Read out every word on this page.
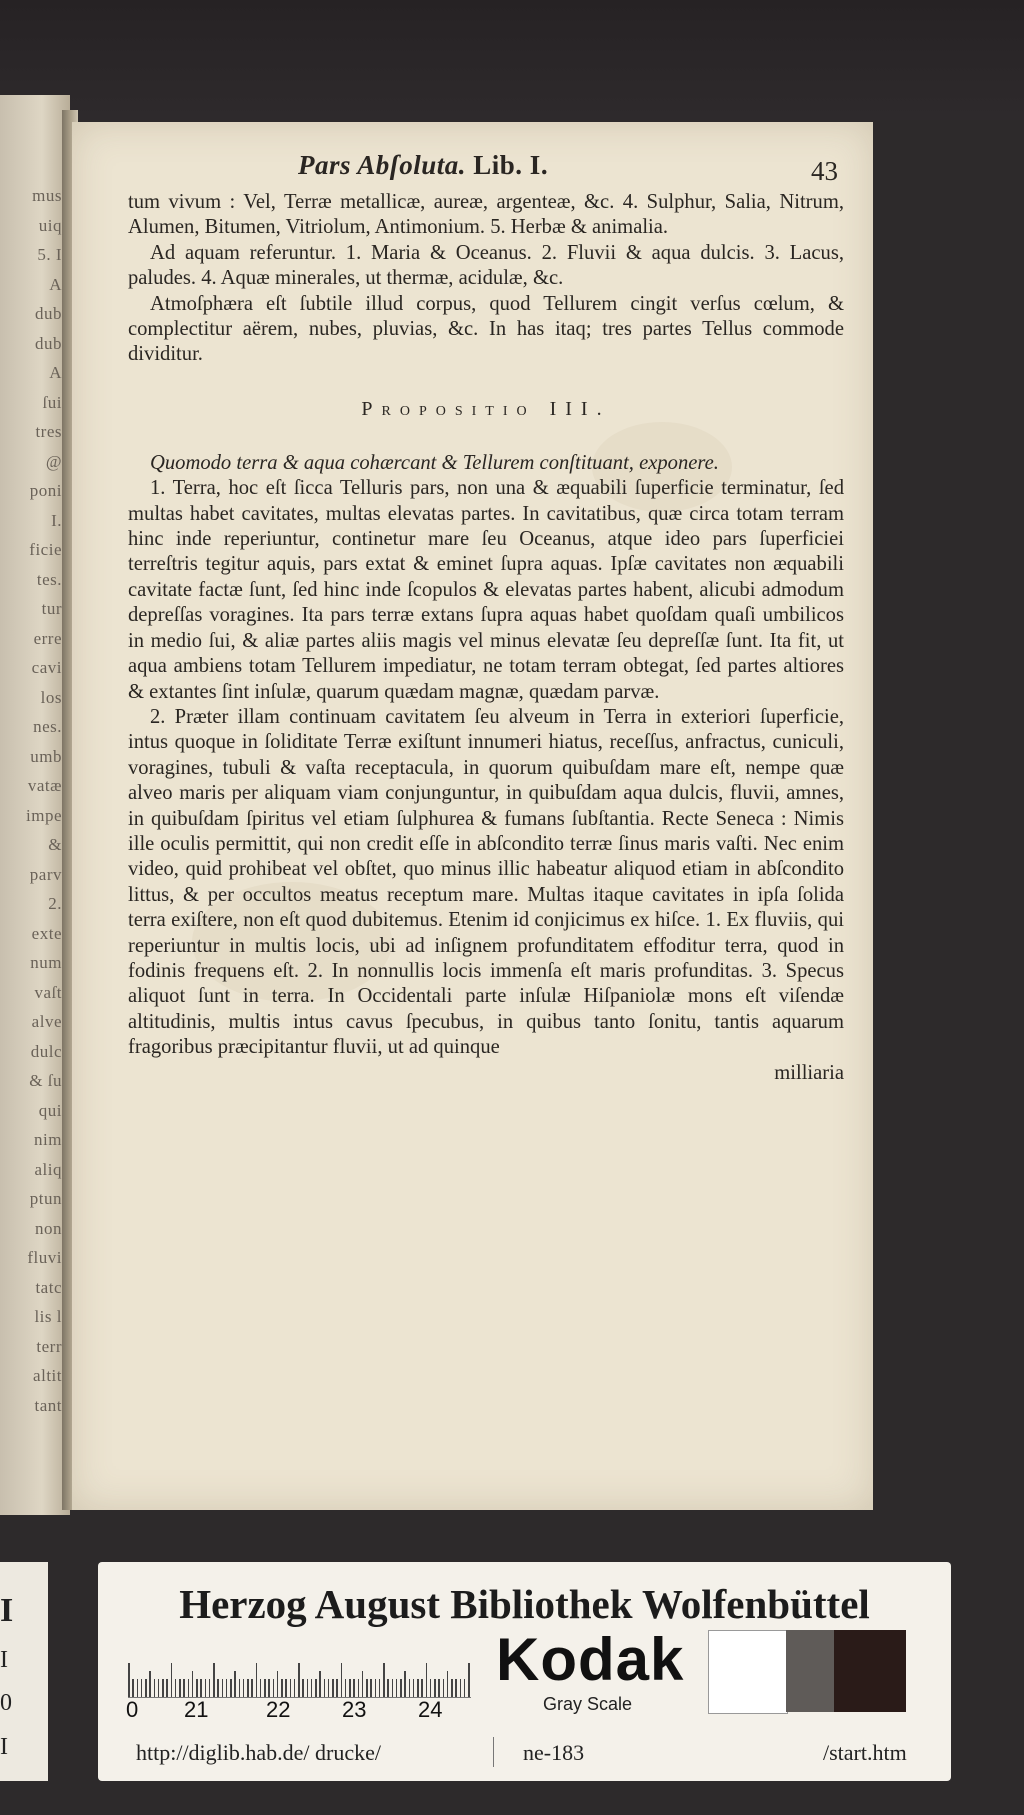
mus
uiq
5. I
A
dub
dub
A
ſui
tres
@
poni
I.
ficie
tes.
tur
erre
cavi
los
nes.
umb
vatæ
impe
&
parv
2.
exte
num
vaſt
alve
dulc
& ſu
qui
nim
aliq
ptun
non
fluvi
tatc
lis l
terr
altit
tant
Pars Abſoluta. Lib. I.	43

tum vivum : Vel, Terræ metallicæ, aureæ, argenteæ, &c. 4. Sulphur, Salia, Nitrum, Alumen, Bitumen, Vitriolum, Antimonium. 5. Herbæ & animalia.

Ad aquam referuntur. 1. Maria & Oceanus. 2. Fluvii & aqua dulcis. 3. Lacus, paludes. 4. Aquæ minerales, ut thermæ, acidulæ, &c.

Atmoſphæra eſt ſubtile illud corpus, quod Tellurem cingit verſus cœlum, & complectitur aërem, nubes, pluvias, &c. In has itaq; tres partes Tellus commode dividitur.

Propositio III.

Quomodo terra & aqua cohærcant & Tellurem conſtituant, exponere.

1. Terra, hoc eſt ſicca Telluris pars, non una & æquabili ſuperficie terminatur, ſed multas habet cavitates, multas elevatas partes. In cavitatibus, quæ circa totam terram hinc inde reperiuntur, continetur mare ſeu Oceanus, atque ideo pars ſuperficiei terreſtris tegitur aquis, pars extat & eminet ſupra aquas. Ipſæ cavitates non æquabili cavitate factæ ſunt, ſed hinc inde ſcopulos & elevatas partes habent, alicubi admodum depreſſas voragines. Ita pars terræ extans ſupra aquas habet quoſdam quaſi umbilicos in medio ſui, & aliæ partes aliis magis vel minus elevatæ ſeu depreſſæ ſunt. Ita fit, ut aqua ambiens totam Tellurem impediatur, ne totam terram obtegat, ſed partes altiores & extantes ſint inſulæ, quarum quædam magnæ, quædam parvæ.

2. Præter illam continuam cavitatem ſeu alveum in Terra in exteriori ſuperficie, intus quoque in ſoliditate Terræ exiſtunt innumeri hiatus, receſſus, anfractus, cuniculi, voragines, tubuli & vaſta receptacula, in quorum quibuſdam mare eſt, nempe quæ alveo maris per aliquam viam conjunguntur, in quibuſdam aqua dulcis, fluvii, amnes, in quibuſdam ſpiritus vel etiam ſulphurea & fumans ſubſtantia. Recte Seneca : Nimis ille oculis permittit, qui non credit eſſe in abſcondito terræ ſinus maris vaſti. Nec enim video, quid prohibeat vel obſtet, quo minus illic habeatur aliquod etiam in abſcondito littus, & per occultos meatus receptum mare. Multas itaque cavitates in ipſa ſolida terra exiſtere, non eſt quod dubitemus. Etenim id conjicimus ex hiſce. 1. Ex fluviis, qui reperiuntur in multis locis, ubi ad inſignem profunditatem effoditur terra, quod in fodinis frequens eſt. 2. In nonnullis locis immenſa eſt maris profunditas. 3. Specus aliquot ſunt in terra. In Occidentali parte inſulæ Hiſpaniolæ mons eſt viſendæ altitudinis, multis intus cavus ſpecubus, in quibus tanto ſonitu, tantis aquarum fragoribus præcipitantur fluvii, ut ad quinque

milliaria

I
I
0
I
Herzog August Bibliothek Wolfenbüttel
0 21	22 23 24
Kodak
Gray Scale
http://diglib.hab.de/ drucke/	ne-183	/start.htm
